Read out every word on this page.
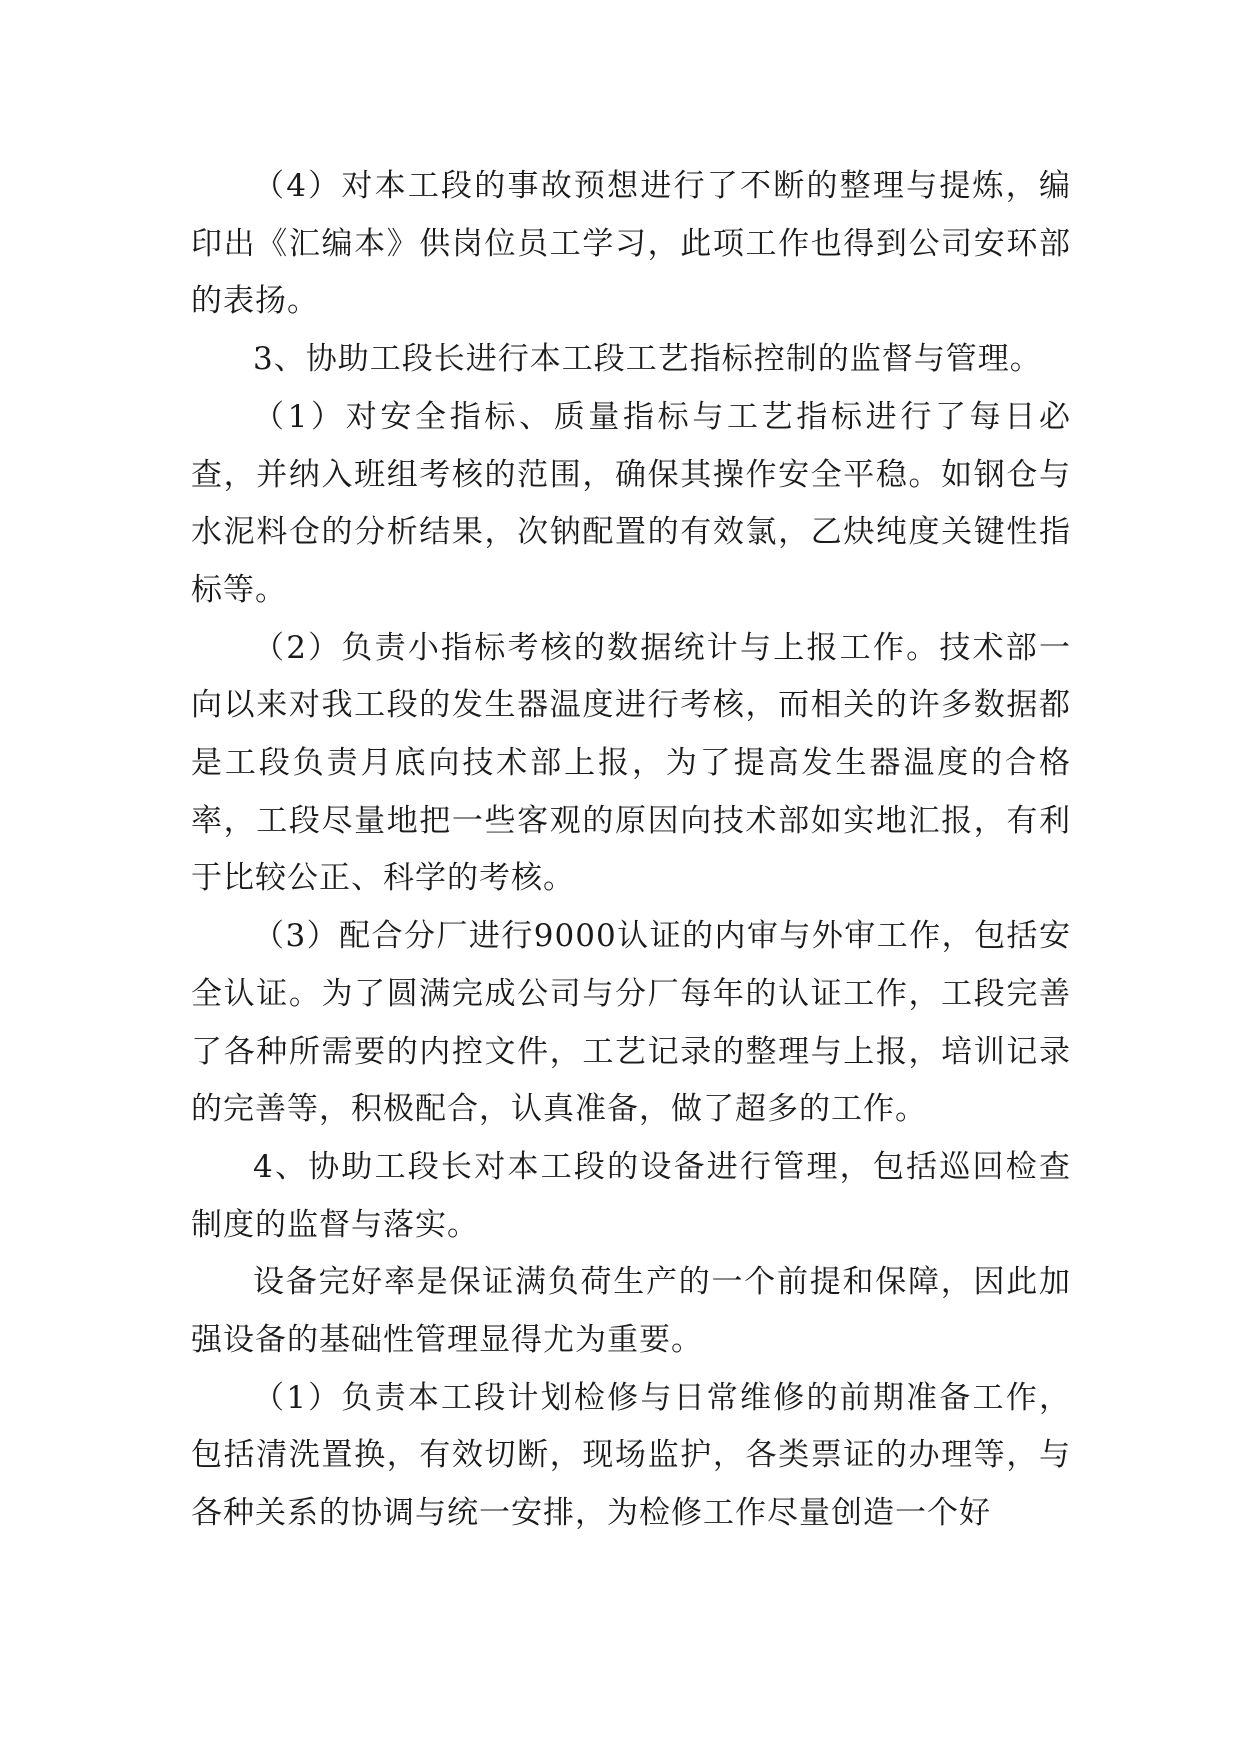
（4）对本工段的事故预想进行了不断的整理与提炼，编印出《汇编本》供岗位员工学习，此项工作也得到公司安环部的表扬。

3、协助工段长进行本工段工艺指标控制的监督与管理。

（1）对安全指标、质量指标与工艺指标进行了每日必查，并纳入班组考核的范围，确保其操作安全平稳。如钢仓与水泥料仓的分析结果，次钠配置的有效氯，乙炔纯度关键性指标等。

（2）负责小指标考核的数据统计与上报工作。技术部一向以来对我工段的发生器温度进行考核，而相关的许多数据都是工段负责月底向技术部上报，为了提高发生器温度的合格率，工段尽量地把一些客观的原因向技术部如实地汇报，有利于比较公正、科学的考核。

（3）配合分厂进行9000认证的内审与外审工作，包括安全认证。为了圆满完成公司与分厂每年的认证工作，工段完善了各种所需要的内控文件，工艺记录的整理与上报，培训记录的完善等，积极配合，认真准备，做了超多的工作。

4、协助工段长对本工段的设备进行管理，包括巡回检查制度的监督与落实。

设备完好率是保证满负荷生产的一个前提和保障，因此加强设备的基础性管理显得尤为重要。

（1）负责本工段计划检修与日常维修的前期准备工作，包括清洗置换，有效切断，现场监护，各类票证的办理等，与各种关系的协调与统一安排，为检修工作尽量创造一个好
